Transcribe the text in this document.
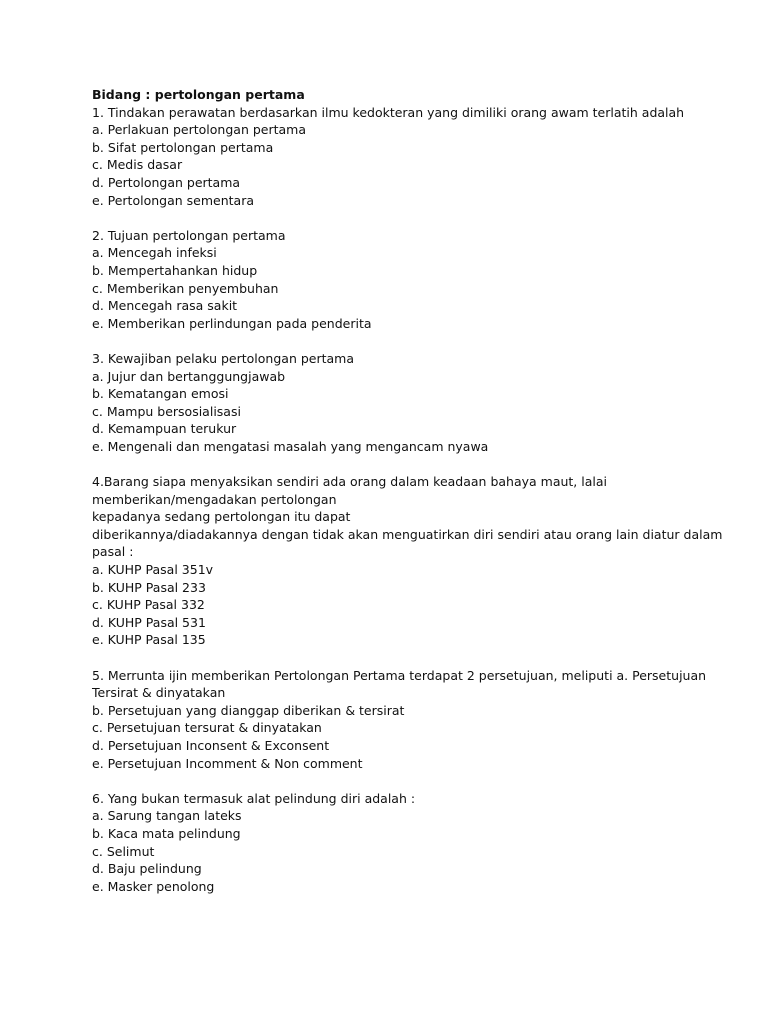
Bidang : pertolongan pertama
1. Tindakan perawatan berdasarkan ilmu kedokteran yang dimiliki orang awam terlatih adalah
a. Perlakuan pertolongan pertama
b. Sifat pertolongan pertama
c. Medis dasar
d. Pertolongan pertama
e. Pertolongan sementara
2. Tujuan pertolongan pertama
a. Mencegah infeksi
b. Mempertahankan hidup
c. Memberikan penyembuhan
d. Mencegah rasa sakit
e. Memberikan perlindungan pada penderita
3. Kewajiban pelaku pertolongan pertama
a. Jujur dan bertanggungjawab
b. Kematangan emosi
c. Mampu bersosialisasi
d. Kemampuan terukur
e. Mengenali dan mengatasi masalah yang mengancam nyawa
4.Barang siapa menyaksikan sendiri ada orang dalam keadaan bahaya maut, lalai
memberikan/mengadakan pertolongan
kepadanya sedang pertolongan itu dapat
diberikannya/diadakannya dengan tidak akan menguatirkan diri sendiri atau orang lain diatur dalam
pasal :
a. KUHP Pasal 351v
b. KUHP Pasal 233
c. KUHP Pasal 332
d. KUHP Pasal 531
e. KUHP Pasal 135
5. Merrunta ijin memberikan Pertolongan Pertama terdapat 2 persetujuan, meliputi a. Persetujuan
Tersirat & dinyatakan
b. Persetujuan yang dianggap diberikan & tersirat
c. Persetujuan tersurat & dinyatakan
d. Persetujuan Inconsent & Exconsent
e. Persetujuan Incomment & Non comment
6. Yang bukan termasuk alat pelindung diri adalah :
a. Sarung tangan lateks
b. Kaca mata pelindung
c. Selimut
d. Baju pelindung
e. Masker penolong
